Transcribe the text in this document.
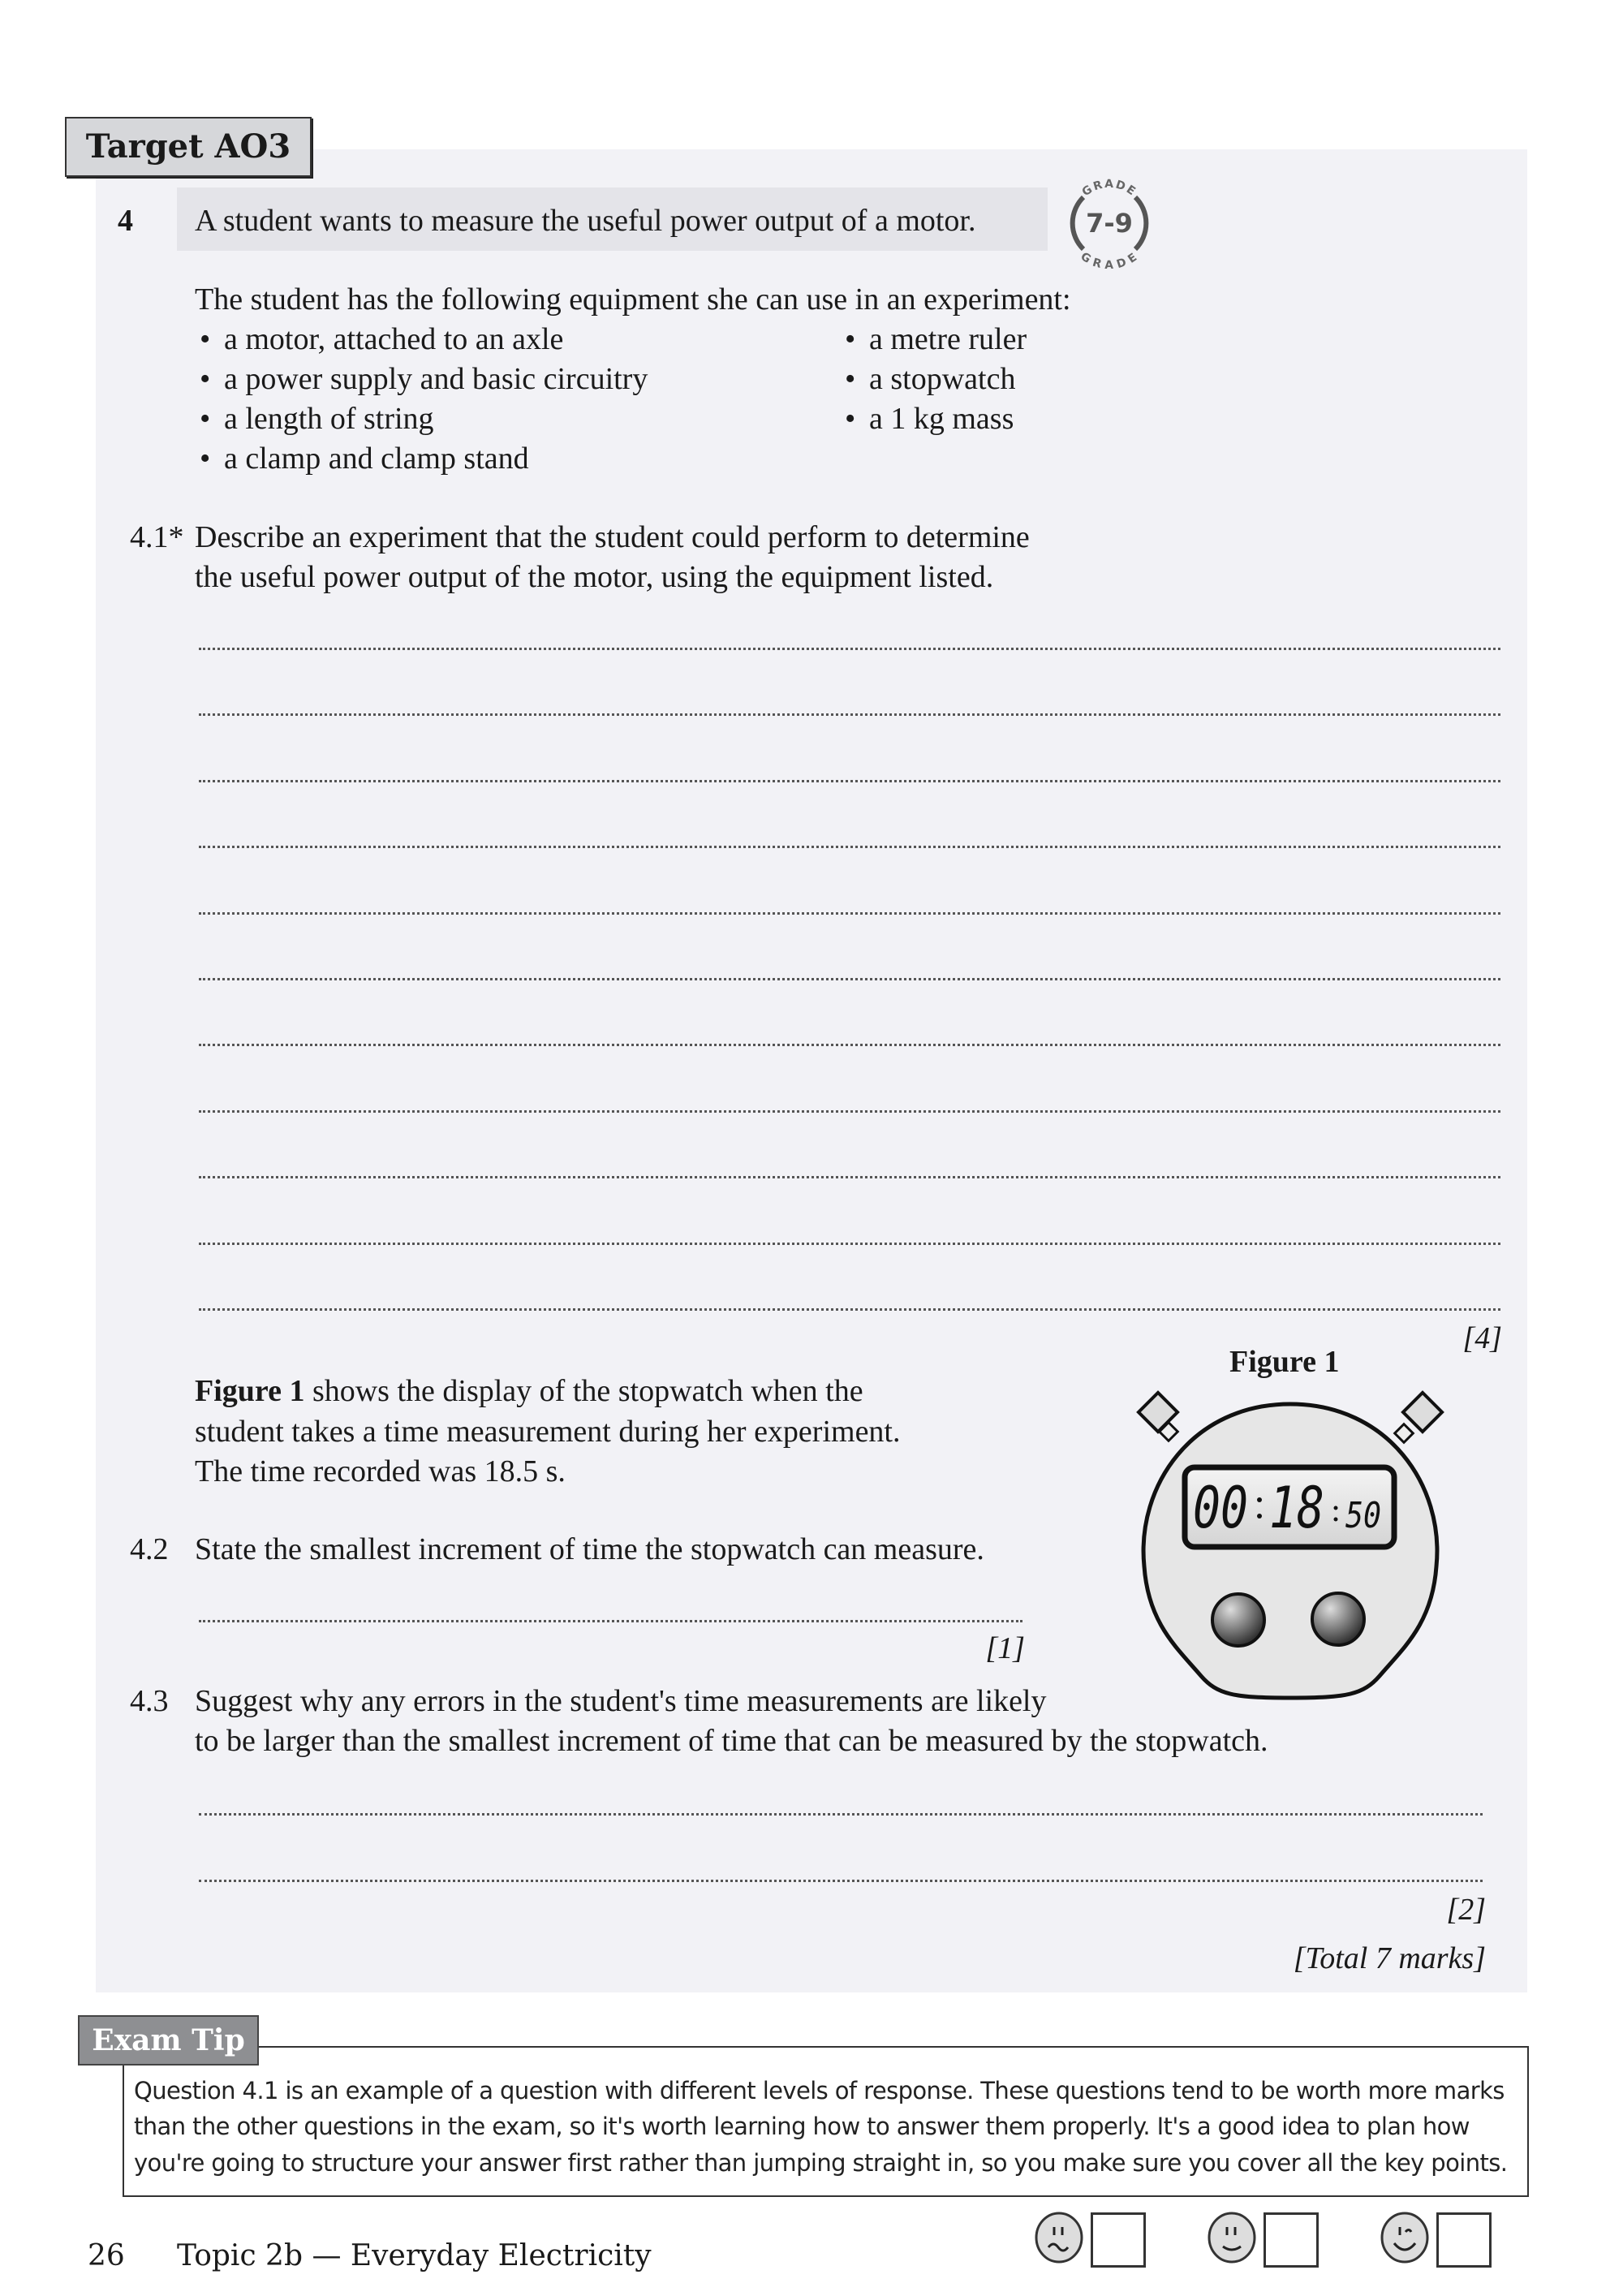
Target AO3
4 A student wants to measure the useful power output of a motor.
GRADE
GRADE
7-9
The student has the following equipment she can use in an experiment:
• a motor, attached to an axle
• a power supply and basic circuitry
• a length of string
• a clamp and clamp stand
• a metre ruler
• a stopwatch
• a 1 kg mass
4.1* Describe an experiment that the student could perform to determine
the useful power output of the motor, using the equipment listed.
[4]
Figure 1
Figure 1 shows the display of the stopwatch when the
student takes a time measurement during her experiment.
The time recorded was 18.5 s.
00 18 50
4.2 State the smallest increment of time the stopwatch can measure.
[1]
4.3 Suggest why any errors in the student's time measurements are likely
to be larger than the smallest increment of time that can be measured by the stopwatch.
[2]
[Total 7 marks]
Exam Tip
Question 4.1 is an example of a question with different levels of response. These questions tend to be worth more marks
than the other questions in the exam, so it's worth learning how to answer them properly. It's a good idea to plan how
you're going to structure your answer first rather than jumping straight in, so you make sure you cover all the key points.
26 Topic 2b — Everyday Electricity
